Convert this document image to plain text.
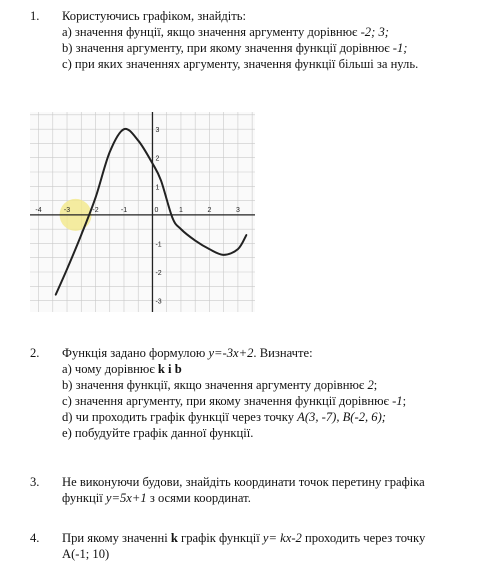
1. Користуючись графіком, знайдіть:
а) значення фунції, якщо значення аргументу дорівнює -2; 3;
b) значення аргументу, при якому значення функції дорівнює -1;
с) при яких значеннях аргументу, значення функції більші за нуль.
-4	-3	-2	-1	0	1	2	3
3
2
1
-1
-2
-3
2. Функція задано формулою y=-3x+2. Визначте:
а) чому дорівнює k і b
b) значення функції, якщо значення аргументу дорівнює 2;
с) значення аргументу, при якому значення функції дорівнює -1;
d) чи проходить графік функції через точку А(3, -7), В(-2, 6);
е) побудуйте графік данної функції.
3. Не виконуючи будови, знайдіть координати точок перетину графіка
функції y=5x+1 з осями координат.
4. При якому значенні k графік функції y= kx-2 проходить через точку
А(-1; 10)
